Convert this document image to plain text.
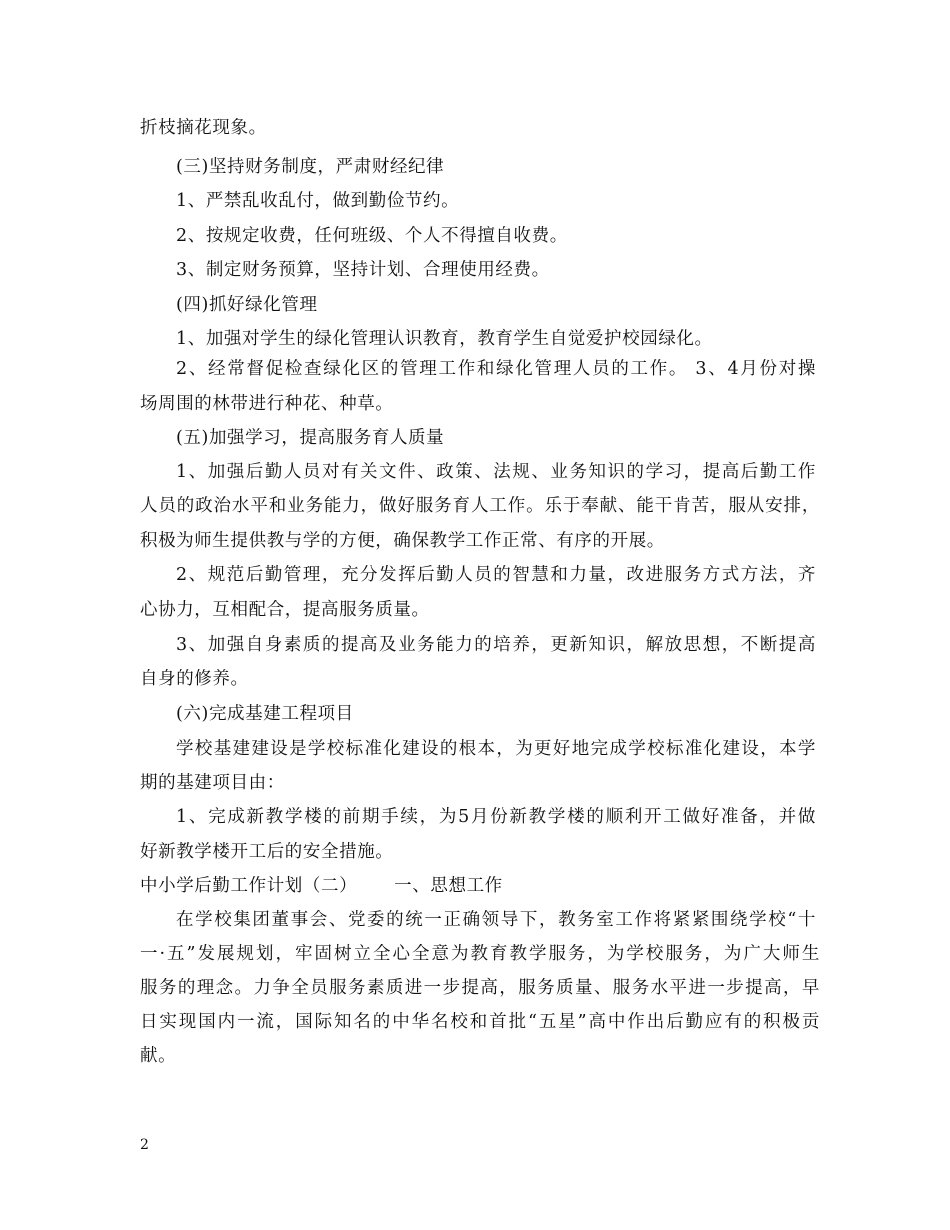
折枝摘花现象。
(三)坚持财务制度，严肃财经纪律
1、严禁乱收乱付，做到勤俭节约。
2、按规定收费，任何班级、个人不得擅自收费。
3、制定财务预算，坚持计划、合理使用经费。
(四)抓好绿化管理
1、加强对学生的绿化管理认识教育，教育学生自觉爱护校园绿化。
2、经常督促检查绿化区的管理工作和绿化管理人员的工作。 3、4月份对操
场周围的林带进行种花、种草。
(五)加强学习，提高服务育人质量
1、加强后勤人员对有关文件、政策、法规、业务知识的学习，提高后勤工作
人员的政治水平和业务能力，做好服务育人工作。乐于奉献、能干肯苦，服从安排，
积极为师生提供教与学的方便，确保教学工作正常、有序的开展。
2、规范后勤管理，充分发挥后勤人员的智慧和力量，改进服务方式方法，齐
心协力，互相配合，提高服务质量。
3、加强自身素质的提高及业务能力的培养，更新知识，解放思想，不断提高
自身的修养。
(六)完成基建工程项目
学校基建建设是学校标准化建设的根本，为更好地完成学校标准化建设，本学
期的基建项目由：
1、完成新教学楼的前期手续，为5月份新教学楼的顺利开工做好准备，并做
好新教学楼开工后的安全措施。
中小学后勤工作计划（二）      一、思想工作
在学校集团董事会、党委的统一正确领导下，教务室工作将紧紧围绕学校“十
一·五”发展规划，牢固树立全心全意为教育教学服务，为学校服务，为广大师生
服务的理念。力争全员服务素质进一步提高，服务质量、服务水平进一步提高，早
日实现国内一流，国际知名的中华名校和首批“五星”高中作出后勤应有的积极贡
献。
2
